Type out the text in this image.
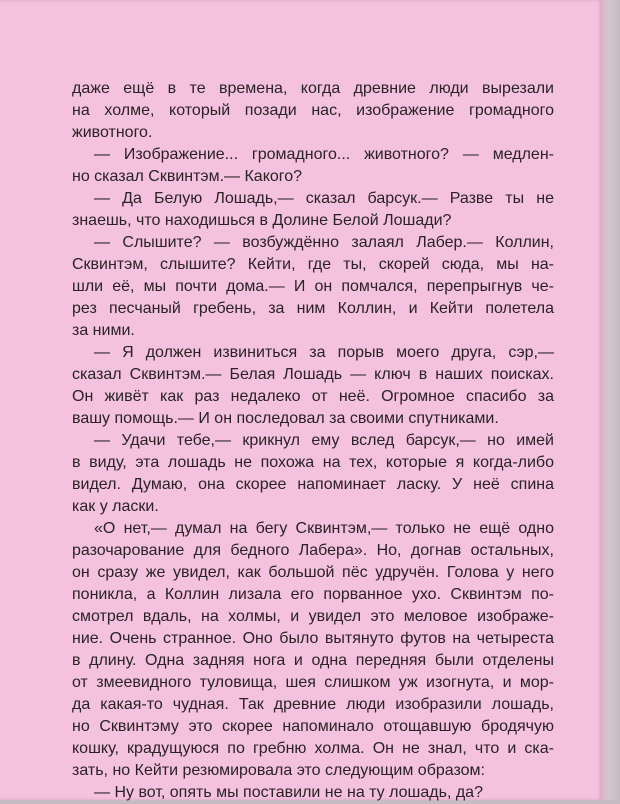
даже ещё в те времена, когда древние люди вырезали
на холме, который позади нас, изображение громадного
животного.
— Изображение... громадного... животного? — медлен-
но сказал Сквинтэм.— Какого?
— Да Белую Лошадь,— сказал барсук.— Разве ты не
знаешь, что находишься в Долине Белой Лошади?
— Слышите? — возбуждённо залаял Лабер.— Коллин,
Сквинтэм, слышите? Кейти, где ты, скорей сюда, мы на-
шли её, мы почти дома.— И он помчался, перепрыгнув че-
рез песчаный гребень, за ним Коллин, и Кейти полетела
за ними.
— Я должен извиниться за порыв моего друга, сэр,—
сказал Сквинтэм.— Белая Лошадь — ключ в наших поисках.
Он живёт как раз недалеко от неё. Огромное спасибо за
вашу помощь.— И он последовал за своими спутниками.
— Удачи тебе,— крикнул ему вслед барсук,— но имей
в виду, эта лошадь не похожа на тех, которые я когда-либо
видел. Думаю, она скорее напоминает ласку. У неё спина
как у ласки.
«О нет,— думал на бегу Сквинтэм,— только не ещё одно
разочарование для бедного Лабера». Но, догнав остальных,
он сразу же увидел, как большой пёс удручён. Голова у него
поникла, а Коллин лизала его порванное ухо. Сквинтэм по-
смотрел вдаль, на холмы, и увидел это меловое изображе-
ние. Очень странное. Оно было вытянуто футов на четыреста
в длину. Одна задняя нога и одна передняя были отделены
от змеевидного туловища, шея слишком уж изогнута, и мор-
да какая-то чудная. Так древние люди изобразили лошадь,
но Сквинтэму это скорее напоминало отощавшую бродячую
кошку, крадущуюся по гребню холма. Он не знал, что и ска-
зать, но Кейти резюмировала это следующим образом:
— Ну вот, опять мы поставили не на ту лошадь, да?
